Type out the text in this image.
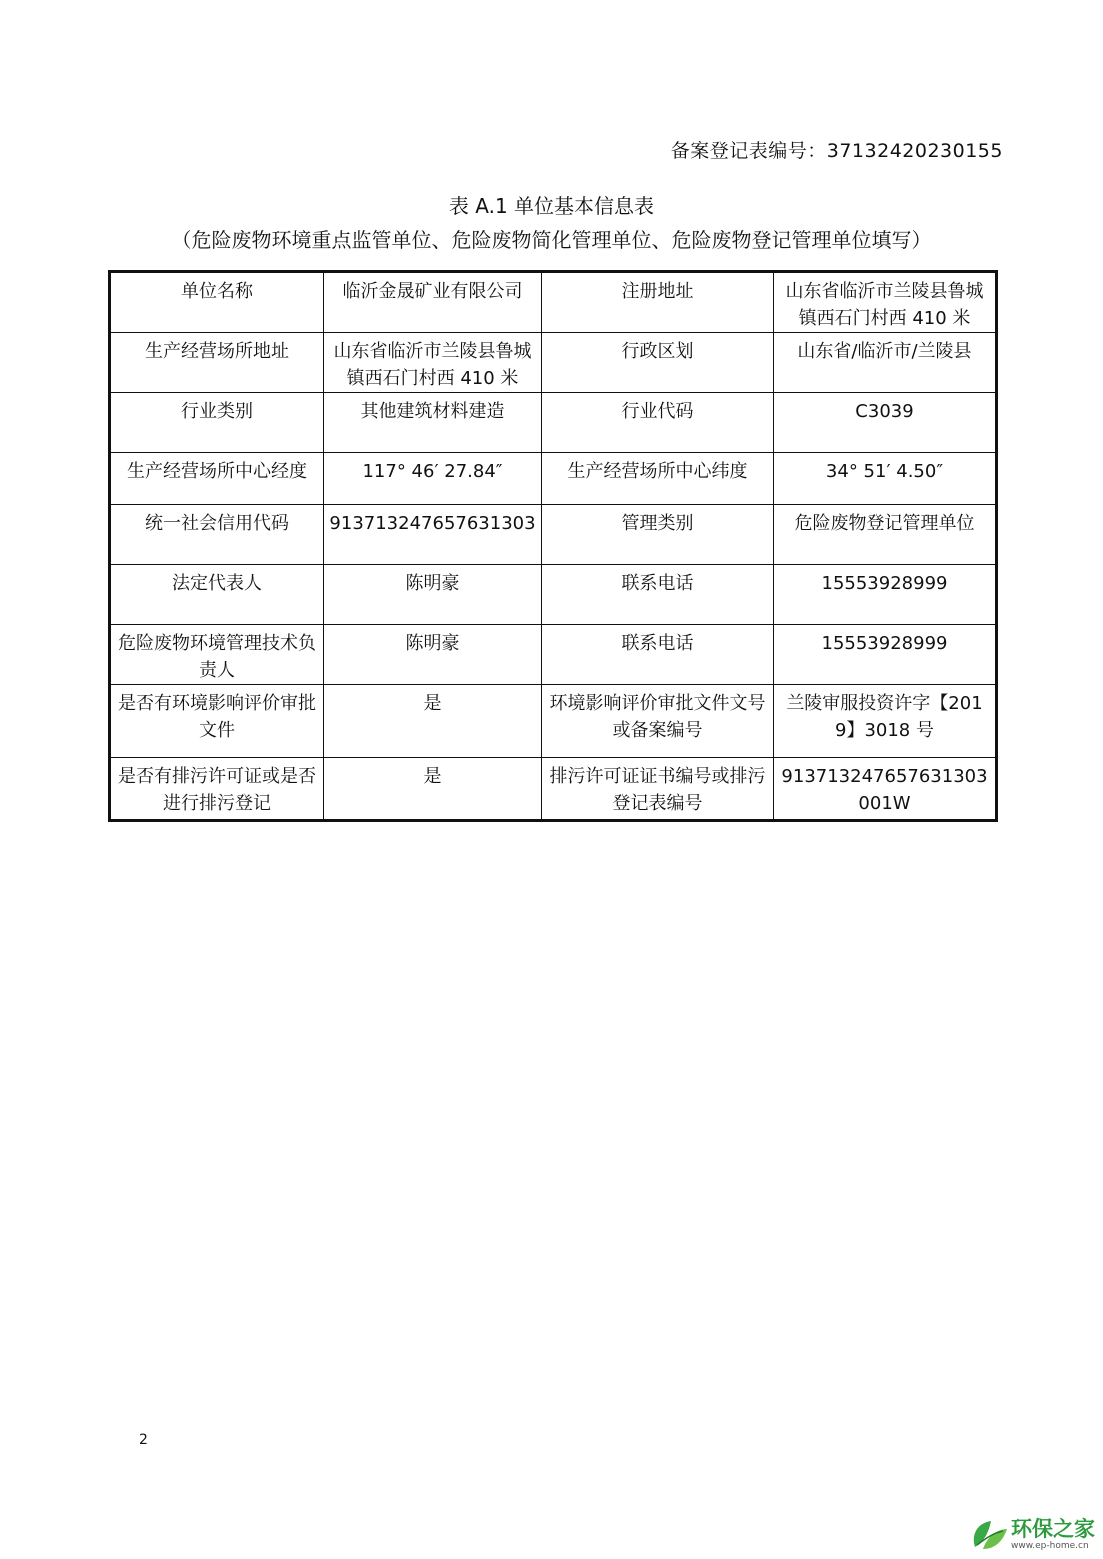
备案登记表编号：37132420230155
表 A.1 单位基本信息表
（危险废物环境重点监管单位、危险废物简化管理单位、危险废物登记管理单位填写）
单位名称	临沂金晟矿业有限公司	注册地址	山东省临沂市兰陵县鲁城镇西石门村西 410 米
生产经营场所地址	山东省临沂市兰陵县鲁城镇西石门村西 410 米	行政区划	山东省/临沂市/兰陵县
行业类别	其他建筑材料建造	行业代码	C3039
生产经营场所中心经度	117° 46′ 27.84″	生产经营场所中心纬度	34° 51′ 4.50″
统一社会信用代码	913713247657631303	管理类别	危险废物登记管理单位
法定代表人	陈明豪	联系电话	15553928999
危险废物环境管理技术负责人	陈明豪	联系电话	15553928999
是否有环境影响评价审批文件	是	环境影响评价审批文件文号或备案编号	兰陵审服投资许字【2019】3018 号
是否有排污许可证或是否进行排污登记	是	排污许可证证书编号或排污登记表编号	913713247657631303001W
2
环保之家
www.ep-home.cn
